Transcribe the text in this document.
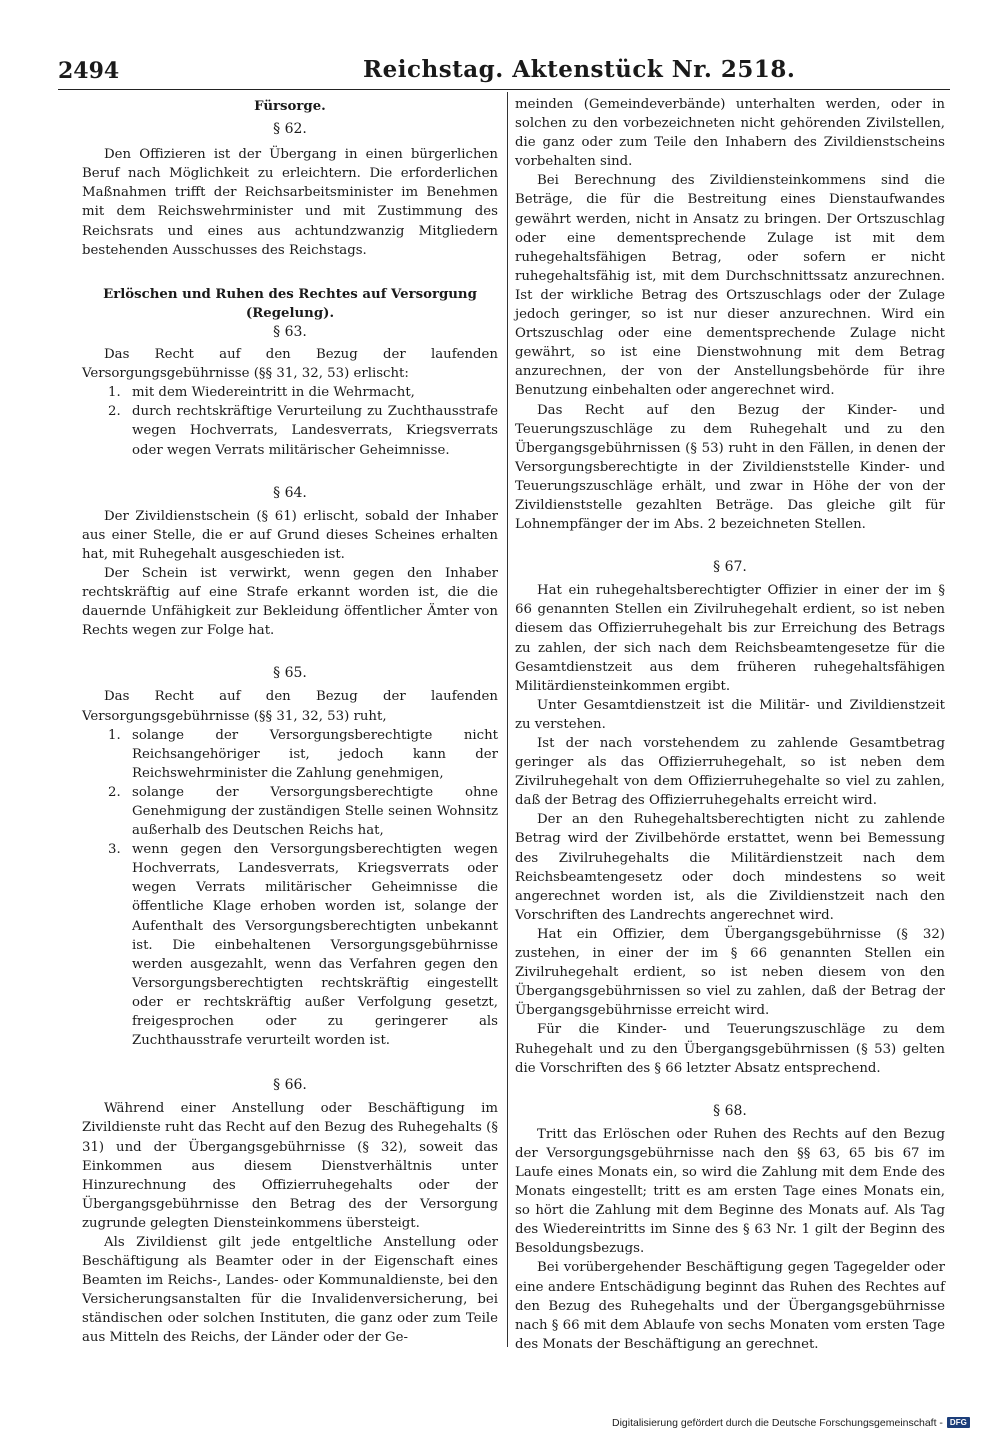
2494	Reichstag. Aktenstück Nr. 2518.

Fürsorge.

§ 62.

Den Offizieren ist der Übergang in einen bürgerlichen Beruf nach Möglichkeit zu erleichtern. Die erforderlichen Maßnahmen trifft der Reichsarbeitsminister im Benehmen mit dem Reichswehrminister und mit Zustimmung des Reichsrats und eines aus achtundzwanzig Mitgliedern bestehenden Ausschusses des Reichstags.

Erlöschen und Ruhen des Rechtes auf Versorgung (Regelung).

§ 63.

Das Recht auf den Bezug der laufenden Versorgungsgebührnisse (§§ 31, 32, 53) erlischt:

1. mit dem Wiedereintritt in die Wehrmacht,
2. durch rechtskräftige Verurteilung zu Zuchthausstrafe wegen Hochverrats, Landesverrats, Kriegsverrats oder wegen Verrats militärischer Geheimnisse.

§ 64.

Der Zivildienstschein (§ 61) erlischt, sobald der Inhaber aus einer Stelle, die er auf Grund dieses Scheines erhalten hat, mit Ruhegehalt ausgeschieden ist.

Der Schein ist verwirkt, wenn gegen den Inhaber rechtskräftig auf eine Strafe erkannt worden ist, die die dauernde Unfähigkeit zur Bekleidung öffentlicher Ämter von Rechts wegen zur Folge hat.

§ 65.

Das Recht auf den Bezug der laufenden Versorgungsgebührnisse (§§ 31, 32, 53) ruht,

1. solange der Versorgungsberechtigte nicht Reichsangehöriger ist, jedoch kann der Reichswehrminister die Zahlung genehmigen,
2. solange der Versorgungsberechtigte ohne Genehmigung der zuständigen Stelle seinen Wohnsitz außerhalb des Deutschen Reichs hat,
3. wenn gegen den Versorgungsberechtigten wegen Hochverrats, Landesverrats, Kriegsverrats oder wegen Verrats militärischer Geheimnisse die öffentliche Klage erhoben worden ist, solange der Aufenthalt des Versorgungsberechtigten unbekannt ist. Die einbehaltenen Versorgungsgebührnisse werden ausgezahlt, wenn das Verfahren gegen den Versorgungsberechtigten rechtskräftig eingestellt oder er rechtskräftig außer Verfolgung gesetzt, freigesprochen oder zu geringerer als Zuchthausstrafe verurteilt worden ist.

§ 66.

Während einer Anstellung oder Beschäftigung im Zivildienste ruht das Recht auf den Bezug des Ruhegehalts (§ 31) und der Übergangsgebührnisse (§ 32), soweit das Einkommen aus diesem Dienstverhältnis unter Hinzurechnung des Offizierruhegehalts oder der Übergangsgebührnisse den Betrag des der Versorgung zugrunde gelegten Diensteinkommens übersteigt.

Als Zivildienst gilt jede entgeltliche Anstellung oder Beschäftigung als Beamter oder in der Eigenschaft eines Beamten im Reichs-, Landes- oder Kommunaldienste, bei den Versicherungsanstalten für die Invalidenversicherung, bei ständischen oder solchen Instituten, die ganz oder zum Teile aus Mitteln des Reichs, der Länder oder der Ge-

meinden (Gemeindeverbände) unterhalten werden, oder in solchen zu den vorbezeichneten nicht gehörenden Zivilstellen, die ganz oder zum Teile den Inhabern des Zivildienstscheins vorbehalten sind.

Bei Berechnung des Zivildiensteinkommens sind die Beträge, die für die Bestreitung eines Dienstaufwandes gewährt werden, nicht in Ansatz zu bringen. Der Ortszuschlag oder eine dementsprechende Zulage ist mit dem ruhegehaltsfähigen Betrag, oder sofern er nicht ruhegehaltsfähig ist, mit dem Durchschnittssatz anzurechnen. Ist der wirkliche Betrag des Ortszuschlags oder der Zulage jedoch geringer, so ist nur dieser anzurechnen. Wird ein Ortszuschlag oder eine dementsprechende Zulage nicht gewährt, so ist eine Dienstwohnung mit dem Betrag anzurechnen, der von der Anstellungsbehörde für ihre Benutzung einbehalten oder angerechnet wird.

Das Recht auf den Bezug der Kinder- und Teuerungszuschläge zu dem Ruhegehalt und zu den Übergangsgebührnissen (§ 53) ruht in den Fällen, in denen der Versorgungsberechtigte in der Zivildienststelle Kinder- und Teuerungszuschläge erhält, und zwar in Höhe der von der Zivildienststelle gezahlten Beträge. Das gleiche gilt für Lohnempfänger der im Abs. 2 bezeichneten Stellen.

§ 67.

Hat ein ruhegehaltsberechtigter Offizier in einer der im § 66 genannten Stellen ein Zivilruhegehalt erdient, so ist neben diesem das Offizierruhegehalt bis zur Erreichung des Betrags zu zahlen, der sich nach dem Reichsbeamtengesetze für die Gesamtdienstzeit aus dem früheren ruhegehaltsfähigen Militärdiensteinkommen ergibt.

Unter Gesamtdienstzeit ist die Militär- und Zivildienstzeit zu verstehen.

Ist der nach vorstehendem zu zahlende Gesamtbetrag geringer als das Offizierruhegehalt, so ist neben dem Zivilruhegehalt von dem Offizierruhegehalte so viel zu zahlen, daß der Betrag des Offizierruhegehalts erreicht wird.

Der an den Ruhegehaltsberechtigten nicht zu zahlende Betrag wird der Zivilbehörde erstattet, wenn bei Bemessung des Zivilruhegehalts die Militärdienstzeit nach dem Reichsbeamtengesetz oder doch mindestens so weit angerechnet worden ist, als die Zivildienstzeit nach den Vorschriften des Landrechts angerechnet wird.

Hat ein Offizier, dem Übergangsgebührnisse (§ 32) zustehen, in einer der im § 66 genannten Stellen ein Zivilruhegehalt erdient, so ist neben diesem von den Übergangsgebührnissen so viel zu zahlen, daß der Betrag der Übergangsgebührnisse erreicht wird.

Für die Kinder- und Teuerungszuschläge zu dem Ruhegehalt und zu den Übergangsgebührnissen (§ 53) gelten die Vorschriften des § 66 letzter Absatz entsprechend.

§ 68.

Tritt das Erlöschen oder Ruhen des Rechts auf den Bezug der Versorgungsgebührnisse nach den §§ 63, 65 bis 67 im Laufe eines Monats ein, so wird die Zahlung mit dem Ende des Monats eingestellt; tritt es am ersten Tage eines Monats ein, so hört die Zahlung mit dem Beginne des Monats auf. Als Tag des Wiedereintritts im Sinne des § 63 Nr. 1 gilt der Beginn des Besoldungsbezugs.

Bei vorübergehender Beschäftigung gegen Tagegelder oder eine andere Entschädigung beginnt das Ruhen des Rechtes auf den Bezug des Ruhegehalts und der Übergangsgebührnisse nach § 66 mit dem Ablaufe von sechs Monaten vom ersten Tage des Monats der Beschäftigung an gerechnet.

Digitalisierung gefördert durch die Deutsche Forschungsgemeinschaft - DFG
